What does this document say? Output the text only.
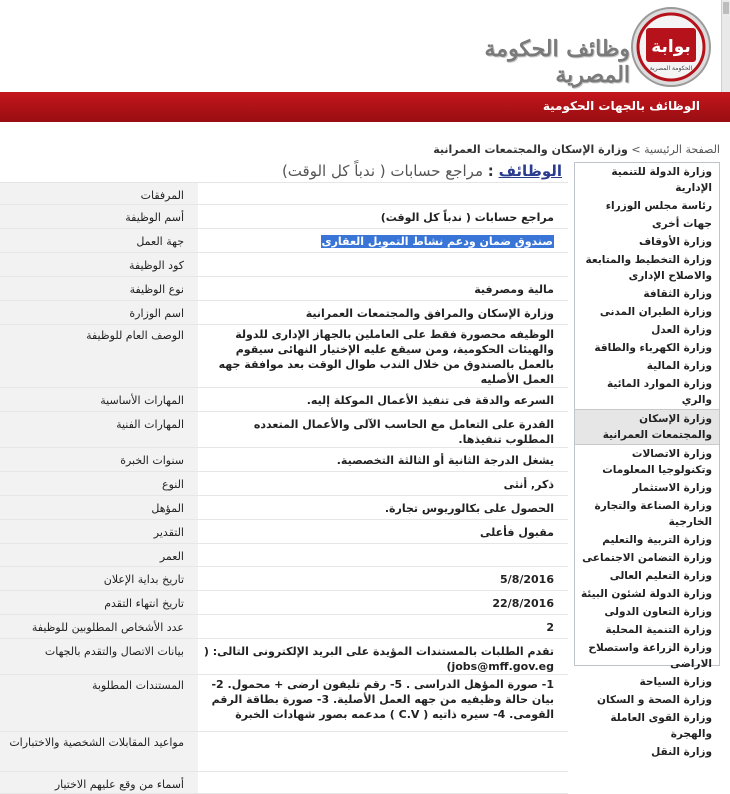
بوابة
الحكومة المصرية
وظائف الحكومة المصرية
الوظائف بالجهات الحكومية
الصفحة الرئيسية > وزارة الإسكان والمجتمعات العمرانية
الوظائف : مراجع حسابات ( ندباً كل الوقت)
	المرفقات
مراجع حسابات ( ندباً كل الوقت)	أسم الوظيفة
صندوق ضمان ودعم نشاط التمويل العقارى	جهة العمل
	كود الوظيفة
مالية ومصرفية	نوع الوظيفة
وزارة الإسكان والمرافق والمجتمعات العمرانية	اسم الوزارة
الوظيفه محصورة فقط على العاملين بالجهاز الإدارى للدولة والهيئات الحكومية، ومن سيقع عليه الإختيار النهائى سيقوم بالعمل بالصندوق من خلال الندب طوال الوقت بعد موافقة جهه العمل الأصليه	الوصف العام للوظيفة
السرعه والدقة فى تنفيذ الأعمال الموكلة إليه.	المهارات الأساسية
القدرة على التعامل مع الحاسب الآلى والأعمال المتعدده المطلوب تنفيذها.	المهارات الفنية
يشغل الدرجة الثانية أو الثالثة التخصصية.	سنوات الخبرة
ذكر, أنثى	النوع
الحصول على بكالوريوس تجارة.	المؤهل
مقبول فأعلى	التقدير
	العمر
5/8/2016	تاريخ بداية الإعلان
22/8/2016	تاريخ انتهاء التقدم
2	عدد الأشخاص المطلوبين للوظيفة
تقدم الطلبات بالمستندات المؤيدة على البريد الإلكترونى التالى: ( jobs@mff.gov.eg)	بيانات الاتصال والتقدم بالجهات
1- صورة المؤهل الدراسى . 5- رقم تليفون ارضى + محمول. 2- بيان حالة وظيفيه من جهه العمل الأصلية. 3- صورة بطاقة الرقم القومى. 4- سيره ذاتيه ( C.V ) مدعمه بصور شهادات الخبرة	المستندات المطلوبة
	مواعيد المقابلات الشخصية والاختبارات
	أسماء من وقع عليهم الاختيار
وزارة الدولة للتنمية الإدارية
رئاسة مجلس الوزراء
جهات أخرى
وزارة الأوقاف
وزارة التخطيط والمتابعة والاصلاح الإدارى
وزارة الثقافة
وزارة الطيران المدنى
وزارة العدل
وزارة الكهرباء والطاقة
وزارة المالية
وزارة الموارد المائية والري
وزارة الإسكان والمجتمعات العمرانية
وزارة الاتصالات وتكنولوجيا المعلومات
وزارة الاستثمار
وزارة الصناعة والتجارة الخارجية
وزارة التربية والتعليم
وزارة التضامن الاجتماعى
وزارة التعليم العالى
وزارة الدولة لشئون البيئة
وزارة التعاون الدولى
وزارة التنمية المحلية
وزارة الزراعة واستصلاح الاراضى
وزارة السياحة
وزارة الصحة و السكان
وزارة القوى العاملة والهجرة
وزارة النقل
